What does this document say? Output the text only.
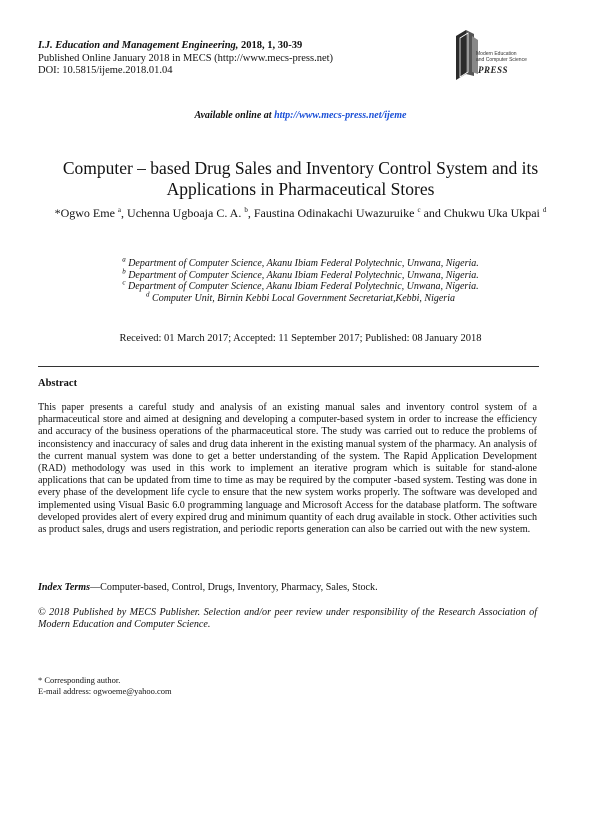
I.J. Education and Management Engineering, 2018, 1, 30-39
Published Online January 2018 in MECS (http://www.mecs-press.net)
DOI: 10.5815/ijeme.2018.01.04
Modern Education
and Computer Science
PRESS
Available online at http://www.mecs-press.net/ijeme
Computer – based Drug Sales and Inventory Control System and its
Applications in Pharmaceutical Stores
*Ogwo Eme $^a$, Uchenna Ugboaja C. A. $^b$, Faustina Odinakachi Uwazuruike $^c$ and Chukwu Uka Ukpai $^d$
$^a$ Department of Computer Science, Akanu Ibiam Federal Polytechnic, Unwana, Nigeria.
$^b$ Department of Computer Science, Akanu Ibiam Federal Polytechnic, Unwana, Nigeria.
$^c$ Department of Computer Science, Akanu Ibiam Federal Polytechnic, Unwana, Nigeria.
$^d$ Computer Unit, Birnin Kebbi Local Government Secretariat,Kebbi, Nigeria
Received: 01 March 2017; Accepted: 11 September 2017; Published: 08 January 2018
Abstract
This paper presents a careful study and analysis of an existing manual sales and inventory control system of a pharmaceutical store and aimed at designing and developing a computer-based system in order to increase the efficiency and accuracy of the business operations of the pharmaceutical store. The study was carried out to reduce the problems of inconsistency and inaccuracy of sales and drug data inherent in the existing manual system of the pharmacy. An analysis of the current manual system was done to get a better understanding of the system. The Rapid Application Development (RAD) methodology was used in this work to implement an iterative program which is suitable for stand-alone applications that can be updated from time to time as may be required by the computer -based system. Testing was done in every phase of the development life cycle to ensure that the new system works properly. The software was developed and implemented using Visual Basic 6.0 programming language and Microsoft Access for the database platform. The software developed provides alert of every expired drug and minimum quantity of each drug available in stock. Other activities such as product sales, drugs and users registration, and periodic reports generation can also be carried out with the new system.
Index Terms—Computer-based, Control, Drugs, Inventory, Pharmacy, Sales, Stock.
© 2018 Published by MECS Publisher. Selection and/or peer review under responsibility of the Research Association of Modern Education and Computer Science.
* Corresponding author.
E-mail address: ogwoeme@yahoo.com
